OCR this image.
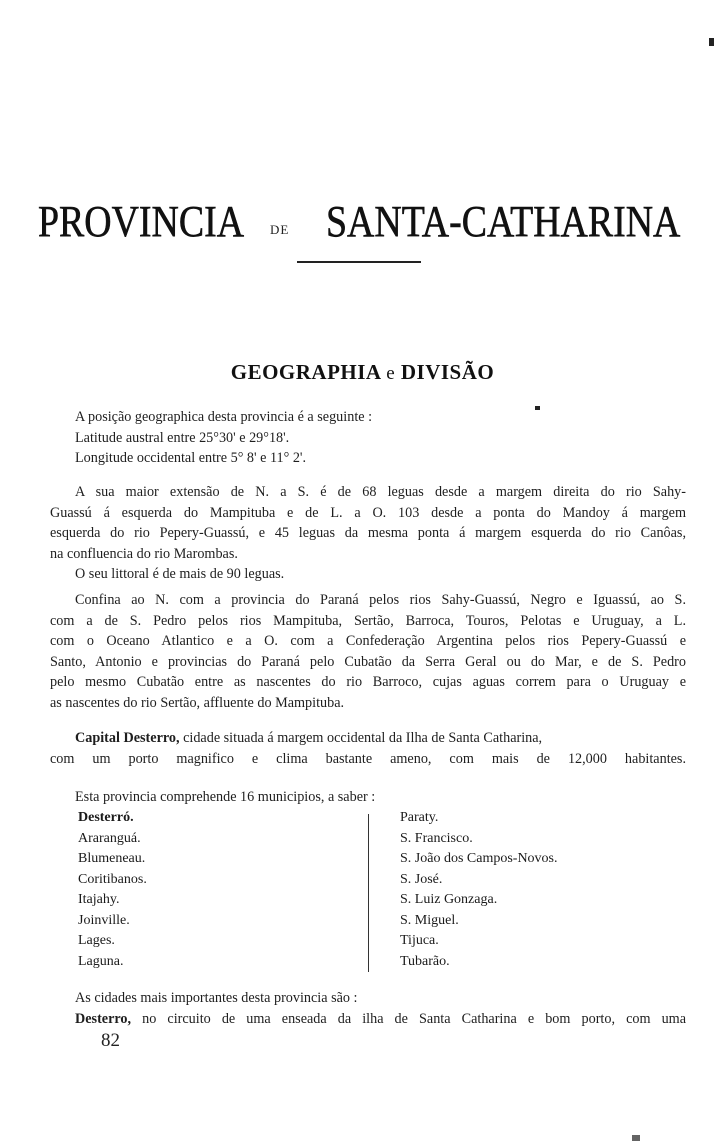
PROVINCIA DE SANTA-CATHARINA
GEOGRAPHIA e DIVISÃO
A posição geographica desta provincia é a seguinte :
Latitude austral entre 25°30' e 29°18'.
Longitude occidental entre 5° 8' e 11° 2'.
A sua maior extensão de N. a S. é de 68 leguas desde a margem direita do rio Sahy-
Guassú á esquerda do Mampituba e de L. a O. 103 desde a ponta do Mandoy á margem
esquerda do rio Pepery-Guassú, e 45 leguas da mesma ponta á margem esquerda do rio Canôas,
na confluencia do rio Marombas.
O seu littoral é de mais de 90 leguas.
Confina ao N. com a provincia do Paraná pelos rios Sahy-Guassú, Negro e Iguassú, ao S.
com a de S. Pedro pelos rios Mampituba, Sertão, Barroca, Touros, Pelotas e Uruguay, a L.
com o Oceano Atlantico e a O. com a Confederação Argentina pelos rios Pepery-Guassú e
Santo, Antonio e provincias do Paraná pelo Cubatão da Serra Geral ou do Mar, e de S. Pedro
pelo mesmo Cubatão entre as nascentes do rio Barroco, cujas aguas correm para o Uruguay e
as nascentes do rio Sertão, affluente do Mampituba.
Capital Desterro, cidade situada á margem occidental da Ilha de Santa Catharina,
com um porto magnifico e clima bastante ameno, com mais de 12,000 habitantes.
Esta provincia comprehende 16 municipios, a saber :
Desterró.
Araranguá.
Blumeneau.
Coritibanos.
Itajahy.
Joinville.
Lages.
Laguna.
Paraty.
S. Francisco.
S. João dos Campos-Novos.
S. José.
S. Luiz Gonzaga.
S. Miguel.
Tijuca.
Tubarão.
As cidades mais importantes desta provincia são :
Desterro, no circuito de uma enseada da ilha de Santa Catharina e bom porto, com uma
82
